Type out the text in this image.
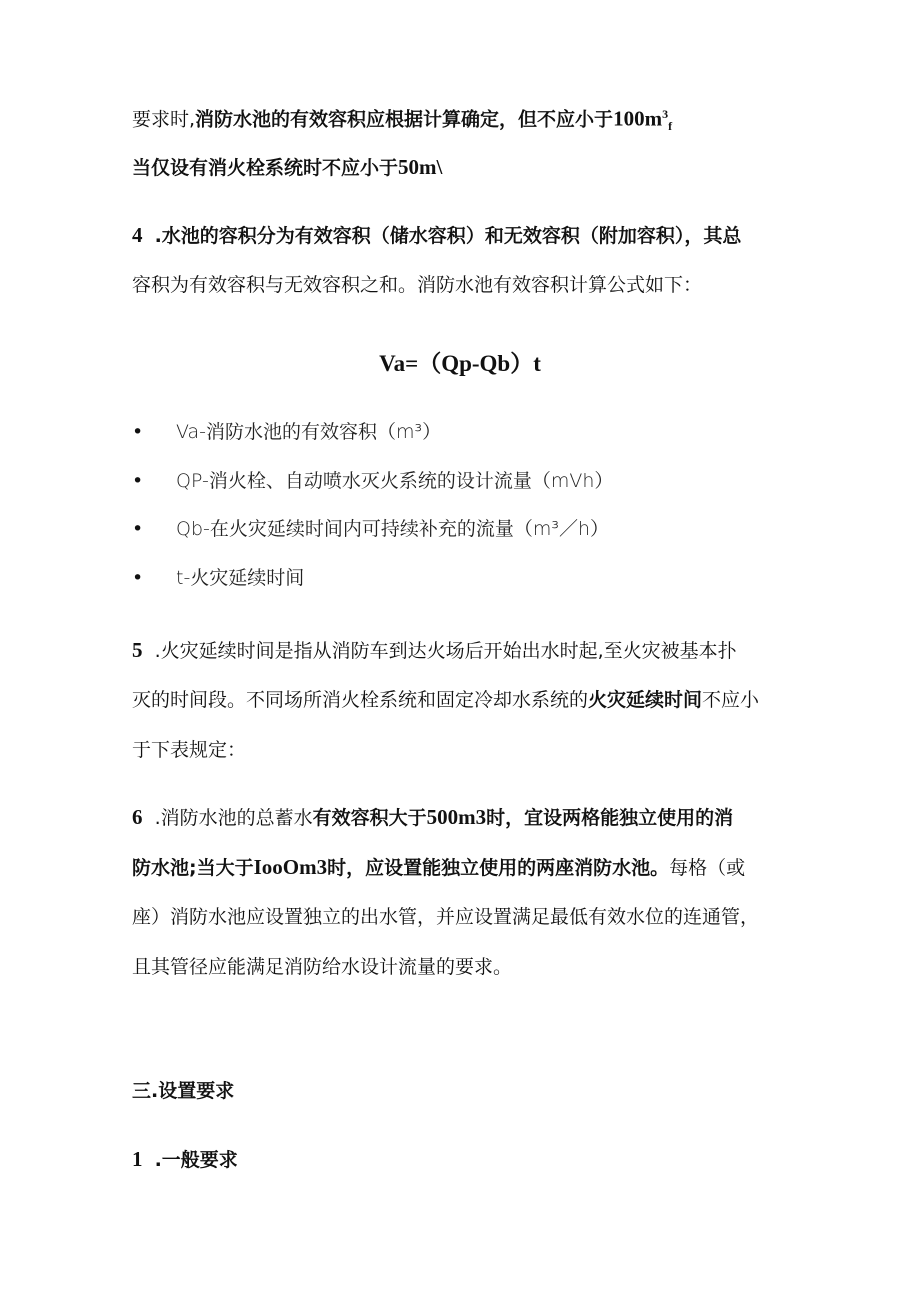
要求时,消防水池的有效容积应根据计算确定，但不应小于$100m^3_f$
当仅设有消火栓系统时不应小于50m\
4 .水池的容积分为有效容积（储水容积）和无效容积（附加容积），其总
容积为有效容积与无效容积之和。消防水池有效容积计算公式如下：
Va=（Qp-Qb）t
• Va-消防水池的有效容积（m³）
• QP-消火栓、自动喷水灭火系统的设计流量（mVh）
• Qb-在火灾延续时间内可持续补充的流量（m³／h）
• t-火灾延续时间
5 .火灾延续时间是指从消防车到达火场后开始出水时起,至火灾被基本扑
灭的时间段。不同场所消火栓系统和固定冷却水系统的火灾延续时间不应小
于下表规定：
6 .消防水池的总蓄水有效容积大于500m3时，宜设两格能独立使用的消
防水池;当大于IooOm3时，应设置能独立使用的两座消防水池。每格（或
座）消防水池应设置独立的出水管，并应设置满足最低有效水位的连通管，
且其管径应能满足消防给水设计流量的要求。
三.设置要求
1 .一般要求
